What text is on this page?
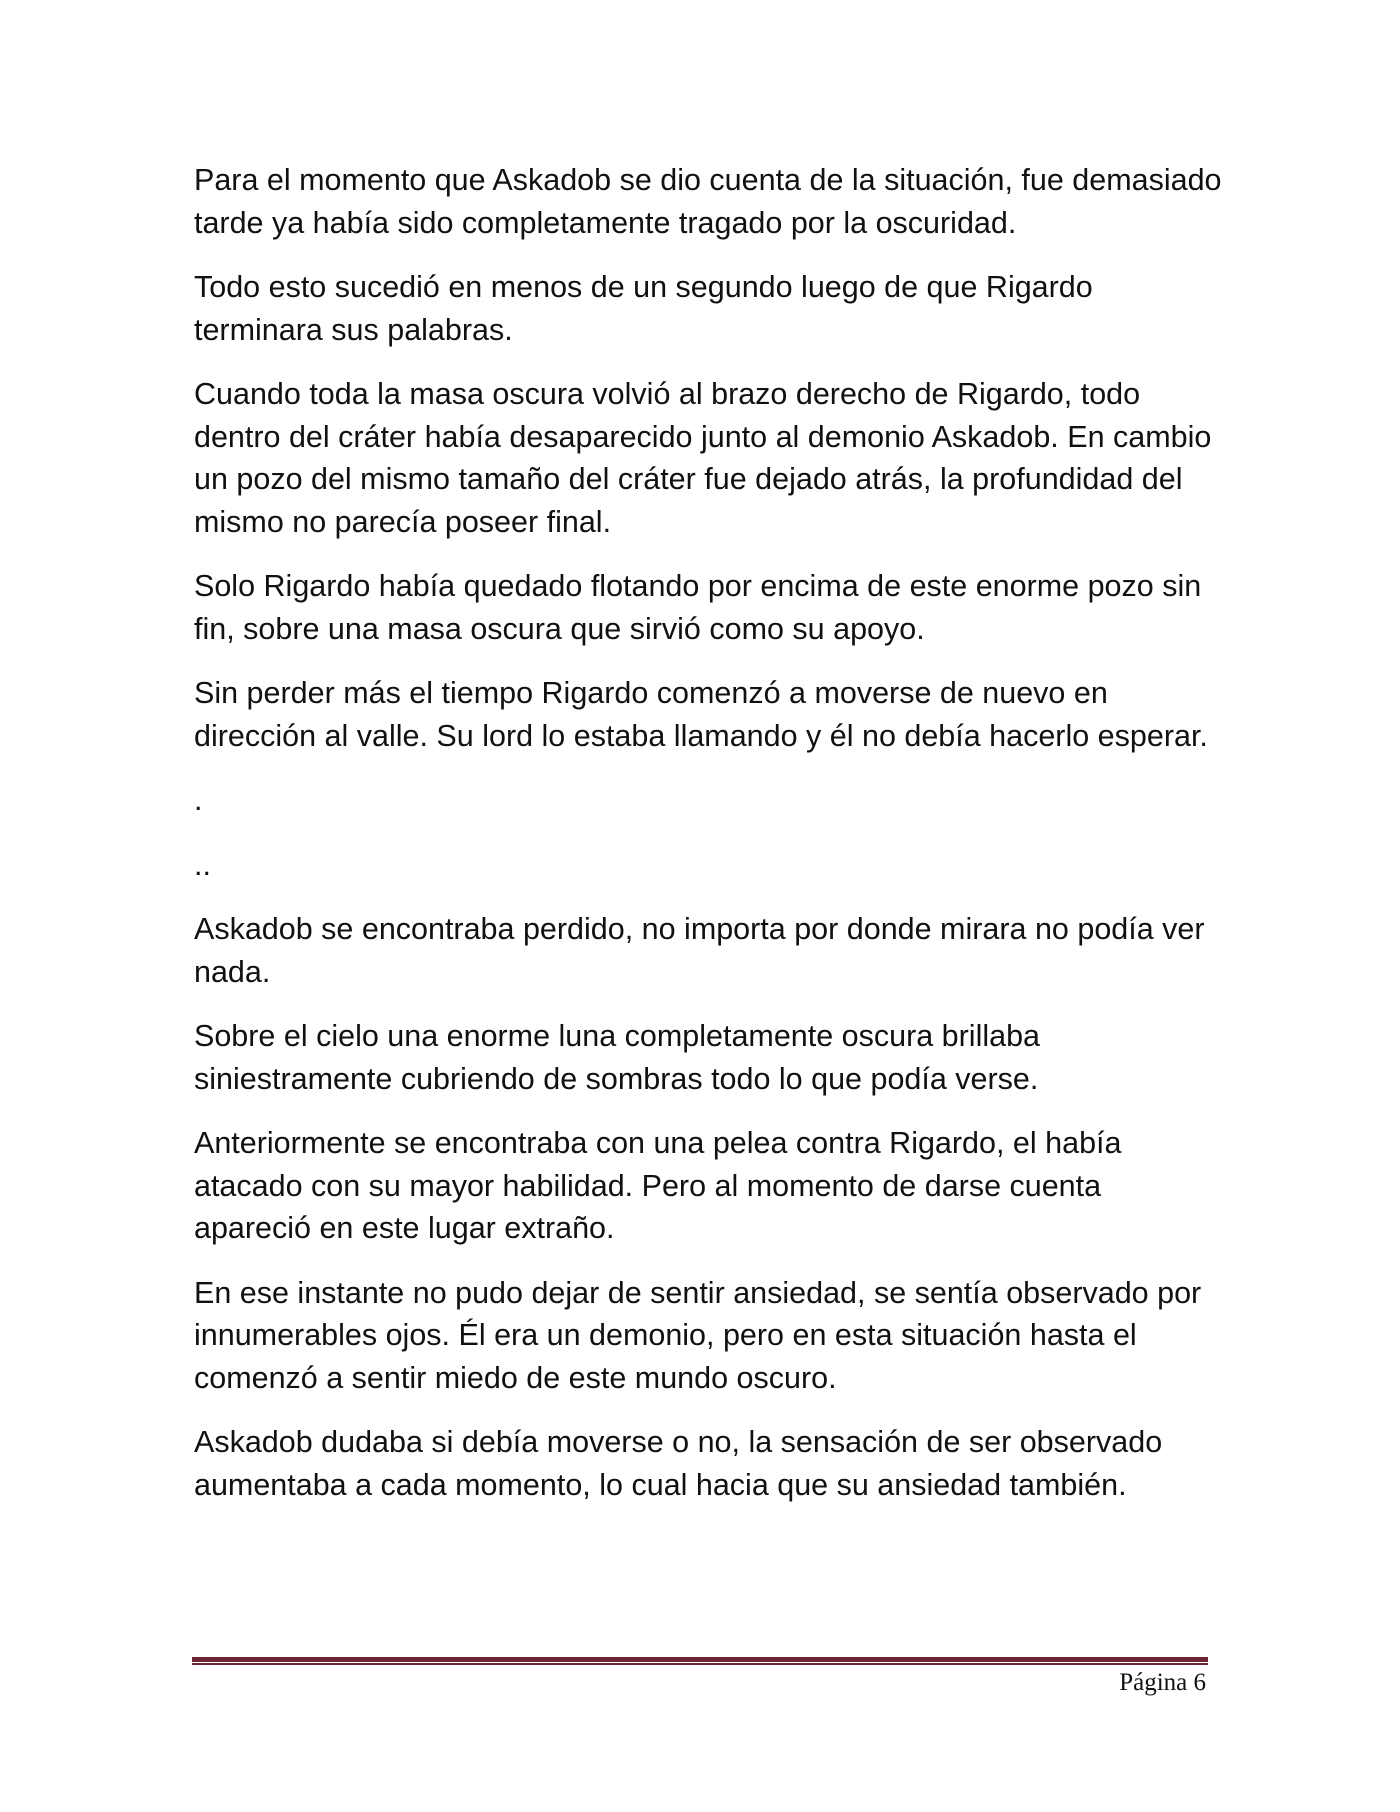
Para el momento que Askadob se dio cuenta de la situación, fue demasiado tarde ya había sido completamente tragado por la oscuridad.

Todo esto sucedió en menos de un segundo luego de que Rigardo terminara sus palabras.

Cuando toda la masa oscura volvió al brazo derecho de Rigardo, todo dentro del cráter había desaparecido junto al demonio Askadob. En cambio un pozo del mismo tamaño del cráter fue dejado atrás, la profundidad del mismo no parecía poseer final.

Solo Rigardo había quedado flotando por encima de este enorme pozo sin fin, sobre una masa oscura que sirvió como su apoyo.

Sin perder más el tiempo Rigardo comenzó a moverse de nuevo en dirección al valle. Su lord lo estaba llamando y él no debía hacerlo esperar.

.

..

Askadob se encontraba perdido, no importa por donde mirara no podía ver nada.

Sobre el cielo una enorme luna completamente oscura brillaba siniestramente cubriendo de sombras todo lo que podía verse.

Anteriormente se encontraba con una pelea contra Rigardo, el había atacado con su mayor habilidad. Pero al momento de darse cuenta apareció en este lugar extraño.

En ese instante no pudo dejar de sentir ansiedad, se sentía observado por innumerables ojos. Él era un demonio, pero en esta situación hasta el comenzó a sentir miedo de este mundo oscuro.

Askadob dudaba si debía moverse o no, la sensación de ser observado aumentaba a cada momento, lo cual hacia que su ansiedad también.

Página 6
